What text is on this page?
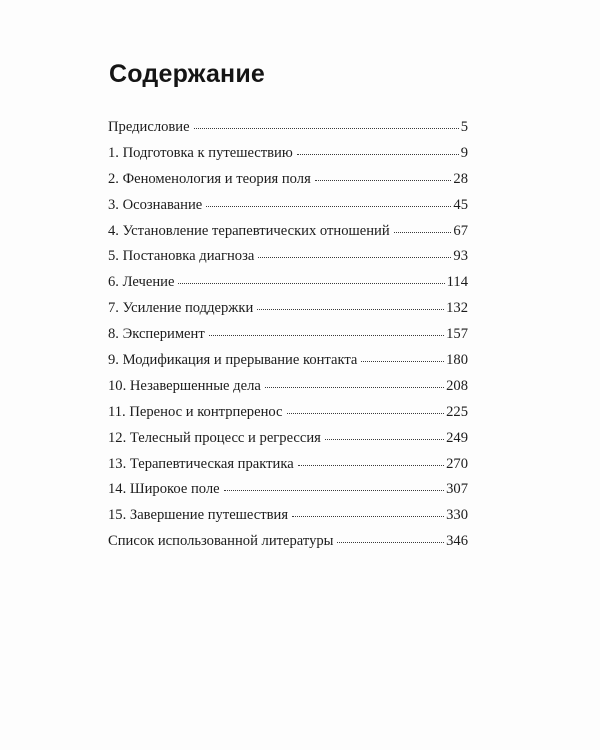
Содержание
Предисловие	5
1. Подготовка к путешествию	9
2. Феноменология и теория поля	28
3. Осознавание	45
4. Установление терапевтических отношений	67
5. Постановка диагноза	93
6. Лечение	114
7. Усиление поддержки	132
8. Эксперимент	157
9. Модификация и прерывание контакта	180
10. Незавершенные дела	208
11. Перенос и контрперенос	225
12. Телесный процесс и регрессия	249
13. Терапевтическая практика	270
14. Широкое поле	307
15. Завершение путешествия	330
Список использованной литературы	346
